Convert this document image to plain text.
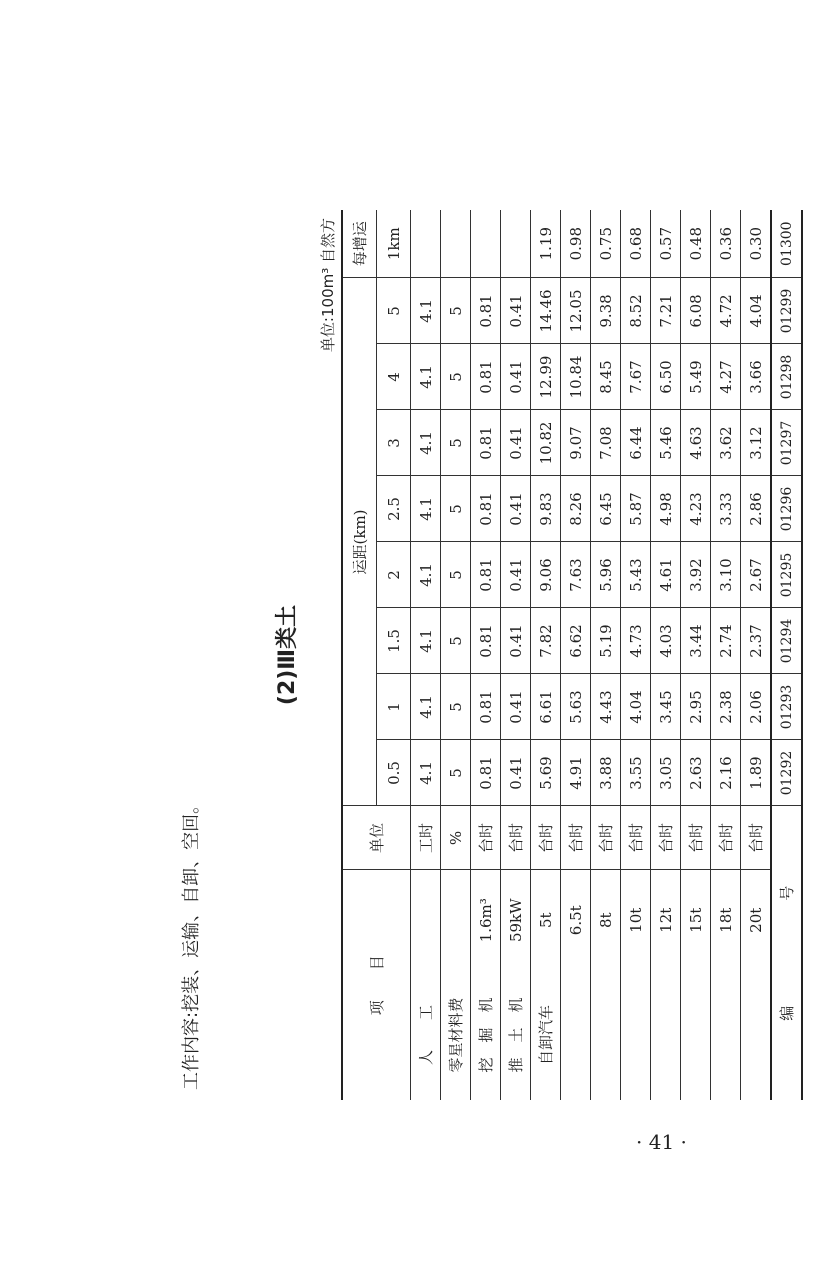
工作内容:挖装、运输、自卸、空回。
(2)Ⅲ类土
单位:100m³ 自然方
项　　目		单位	运距(km)								每增运
			0.5	1	1.5	2	2.5	3	4	5	1km
人　　工		工时	4.1	4.1	4.1	4.1	4.1	4.1	4.1	4.1	
零星材料费		%	5	5	5	5	5	5	5	5	
挖　掘　机	1.6m³	台时	0.81	0.81	0.81	0.81	0.81	0.81	0.81	0.81	
推　土　机	59kW	台时	0.41	0.41	0.41	0.41	0.41	0.41	0.41	0.41	
自卸汽车	5t	台时	5.69	6.61	7.82	9.06	9.83	10.82	12.99	14.46	1.19
	6.5t	台时	4.91	5.63	6.62	7.63	8.26	9.07	10.84	12.05	0.98
	8t	台时	3.88	4.43	5.19	5.96	6.45	7.08	8.45	9.38	0.75
	10t	台时	3.55	4.04	4.73	5.43	5.87	6.44	7.67	8.52	0.68
	12t	台时	3.05	3.45	4.03	4.61	4.98	5.46	6.50	7.21	0.57
	15t	台时	2.63	2.95	3.44	3.92	4.23	4.63	5.49	6.08	0.48
	18t	台时	2.16	2.38	2.74	3.10	3.33	3.62	4.27	4.72	0.36
	20t	台时	1.89	2.06	2.37	2.67	2.86	3.12	3.66	4.04	0.30
编　　　　　　　号			01292	01293	01294	01295	01296	01297	01298	01299	01300
· 41 ·
